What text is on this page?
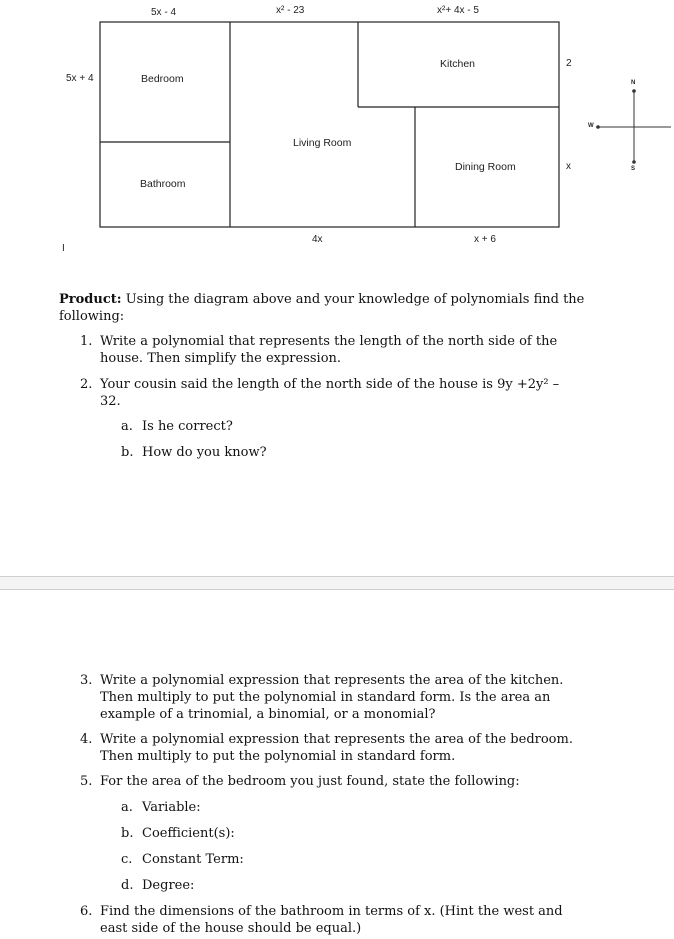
5x - 4	x² - 23	x²+ 4x - 5
5x + 4
4x	x + 6
2
x
Bedroom
Bathroom
Living Room
Kitchen
Dining Room
N
S
W
I
Product: Using the diagram above and your knowledge of polynomials find the following:
1. Write a polynomial that represents the length of the north side of the house. Then simplify the expression.
2. Your cousin said the length of the north side of the house is 9y +2y² – 32.
a. Is he correct?
b. How do you know?
3. Write a polynomial expression that represents the area of the kitchen. Then multiply to put the polynomial in standard form. Is the area an example of a trinomial, a binomial, or a monomial?
4. Write a polynomial expression that represents the area of the bedroom. Then multiply to put the polynomial in standard form.
5. For the area of the bedroom you just found, state the following:
a. Variable:
b. Coefficient(s):
c. Constant Term:
d. Degree:
6. Find the dimensions of the bathroom in terms of x. (Hint the west and east side of the house should be equal.)
